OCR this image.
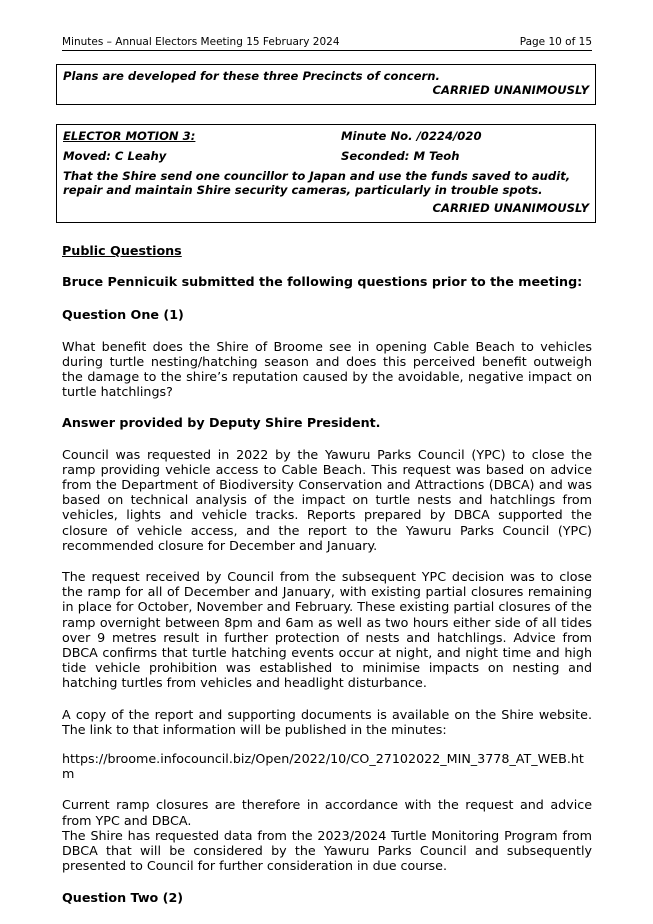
Minutes – Annual Electors Meeting 15 February 2024	Page 10 of 15
Plans are developed for these three Precincts of concern.
CARRIED UNANIMOUSLY
ELECTOR MOTION 3:	Minute No. /0224/020
Moved: C Leahy	Seconded: M Teoh
That the Shire send one councillor to Japan and use the funds saved to audit, repair and maintain Shire security cameras, particularly in trouble spots.
CARRIED UNANIMOUSLY

Public Questions

Bruce Pennicuik submitted the following questions prior to the meeting:

Question One (1)

What benefit does the Shire of Broome see in opening Cable Beach to vehicles during turtle nesting/hatching season and does this perceived benefit outweigh the damage to the shire’s reputation caused by the avoidable, negative impact on turtle hatchlings?

Answer provided by Deputy Shire President.

Council was requested in 2022 by the Yawuru Parks Council (YPC) to close the ramp providing vehicle access to Cable Beach. This request was based on advice from the Department of Biodiversity Conservation and Attractions (DBCA) and was based on technical analysis of the impact on turtle nests and hatchlings from vehicles, lights and vehicle tracks. Reports prepared by DBCA supported the closure of vehicle access, and the report to the Yawuru Parks Council (YPC) recommended closure for December and January.

The request received by Council from the subsequent YPC decision was to close the ramp for all of December and January, with existing partial closures remaining in place for October, November and February. These existing partial closures of the ramp overnight between 8pm and 6am as well as two hours either side of all tides over 9 metres result in further protection of nests and hatchlings. Advice from DBCA confirms that turtle hatching events occur at night, and night time and high tide vehicle prohibition was established to minimise impacts on nesting and hatching turtles from vehicles and headlight disturbance.

A copy of the report and supporting documents is available on the Shire website. The link to that information will be published in the minutes:

https://broome.infocouncil.biz/Open/2022/10/CO_27102022_MIN_3778_AT_WEB.htm

Current ramp closures are therefore in accordance with the request and advice from YPC and DBCA.

The Shire has requested data from the 2023/2024 Turtle Monitoring Program from DBCA that will be considered by the Yawuru Parks Council and subsequently presented to Council for further consideration in due course.

Question Two (2)
